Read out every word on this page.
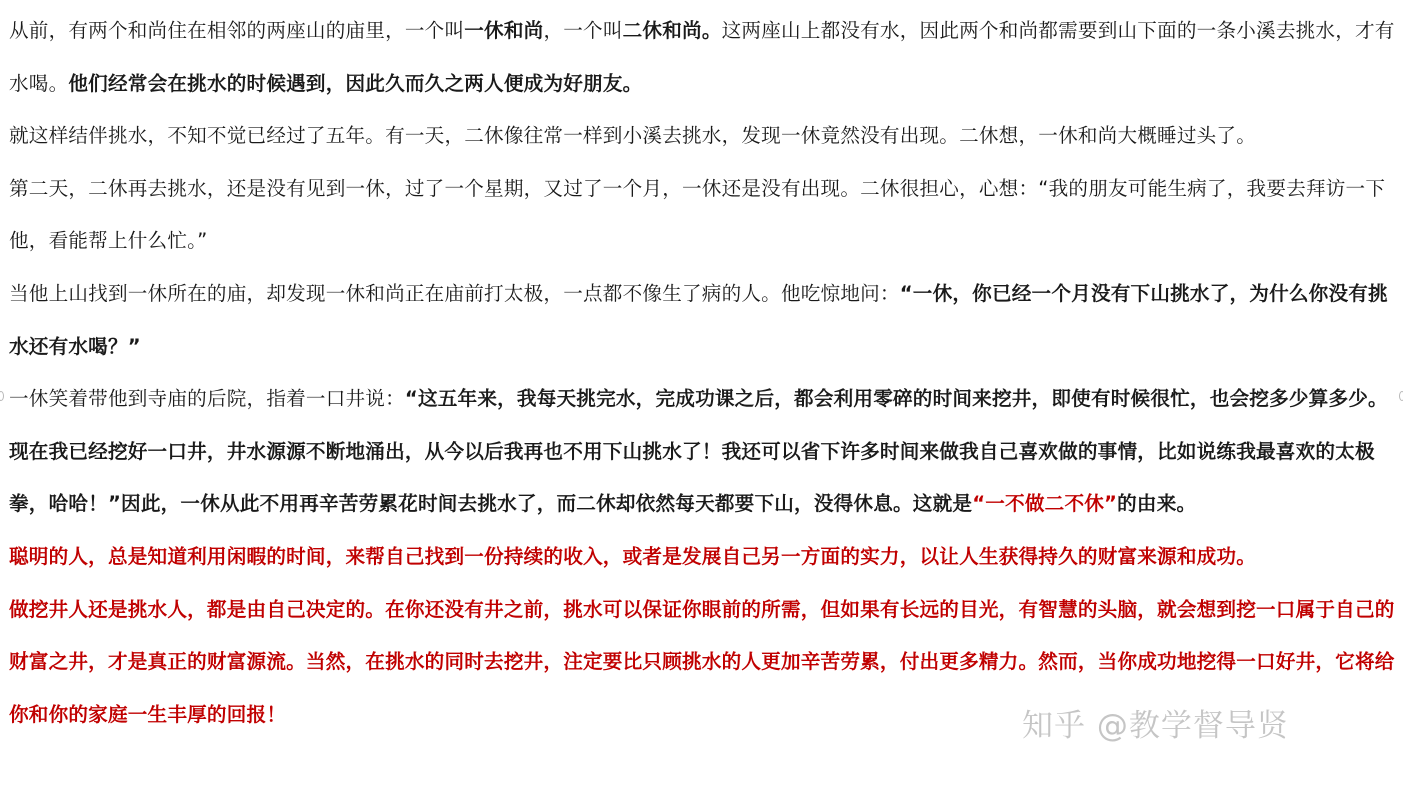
从前，有两个和尚住在相邻的两座山的庙里，一个叫一休和尚，一个叫二休和尚。这两座山上都没有水，因此两个和尚都需要到山下面的一条小溪去挑水，才有水喝。他们经常会在挑水的时候遇到，因此久而久之两人便成为好朋友。

就这样结伴挑水，不知不觉已经过了五年。有一天，二休像往常一样到小溪去挑水，发现一休竟然没有出现。二休想，一休和尚大概睡过头了。

第二天，二休再去挑水，还是没有见到一休，过了一个星期，又过了一个月，一休还是没有出现。二休很担心，心想：“我的朋友可能生病了，我要去拜访一下他，看能帮上什么忙。”

当他上山找到一休所在的庙，却发现一休和尚正在庙前打太极，一点都不像生了病的人。他吃惊地问：“一休，你已经一个月没有下山挑水了，为什么你没有挑水还有水喝？”

一休笑着带他到寺庙的后院，指着一口井说：“这五年来，我每天挑完水，完成功课之后，都会利用零碎的时间来挖井，即使有时候很忙，也会挖多少算多少。现在我已经挖好一口井，井水源源不断地涌出，从今以后我再也不用下山挑水了！我还可以省下许多时间来做我自己喜欢做的事情，比如说练我最喜欢的太极拳，哈哈！”因此，一休从此不用再辛苦劳累花时间去挑水了，而二休却依然每天都要下山，没得休息。这就是“一不做二不休”的由来。

聪明的人，总是知道利用闲暇的时间，来帮自己找到一份持续的收入，或者是发展自己另一方面的实力，以让人生获得持久的财富来源和成功。

做挖井人还是挑水人，都是由自己决定的。在你还没有井之前，挑水可以保证你眼前的所需，但如果有长远的目光，有智慧的头脑，就会想到挖一口属于自己的财富之井，才是真正的财富源流。当然，在挑水的同时去挖井，注定要比只顾挑水的人更加辛苦劳累，付出更多精力。然而，当你成功地挖得一口好井，它将给你和你的家庭一生丰厚的回报！	知乎 @教学督导贤
